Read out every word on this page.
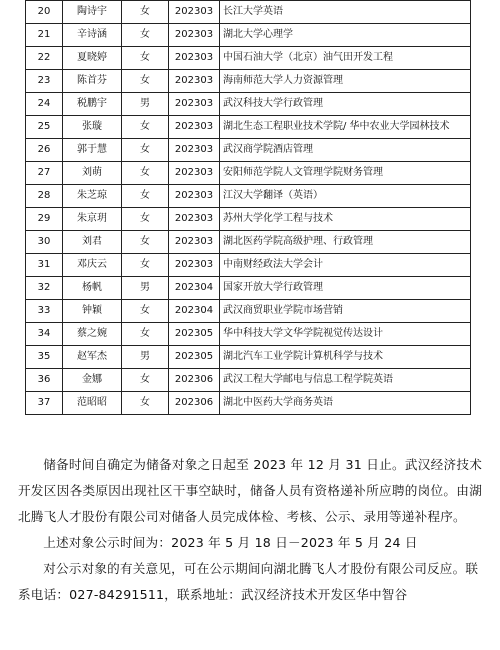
20	陶诗宇	女	202303	长江大学英语
21	辛诗涵	女	202303	湖北大学心理学
22	夏晓婷	女	202303	中国石油大学（北京）油气田开发工程
23	陈首芬	女	202303	海南师范大学人力资源管理
24	税鹏宇	男	202303	武汉科技大学行政管理
25	张璇	女	202303	湖北生态工程职业技术学院/ 华中农业大学园林技术
26	郭于慧	女	202303	武汉商学院酒店管理
27	刘萌	女	202303	安阳师范学院人文管理学院财务管理
28	朱芝琼	女	202303	江汉大学翻译（英语）
29	朱京玥	女	202303	苏州大学化学工程与技术
30	刘君	女	202303	湖北医药学院高级护理、行政管理
31	邓庆云	女	202303	中南财经政法大学会计
32	杨帆	男	202304	国家开放大学行政管理
33	钟颖	女	202304	武汉商贸职业学院市场营销
34	蔡之婉	女	202305	华中科技大学文华学院视觉传达设计
35	赵军杰	男	202305	湖北汽车工业学院计算机科学与技术
36	金娜	女	202306	武汉工程大学邮电与信息工程学院英语
37	范昭昭	女	202306	湖北中医药大学商务英语

储备时间自确定为储备对象之日起至 2023 年 12 月 31 日止。武汉经济技术开发区因各类原因出现社区干事空缺时，储备人员有资格递补所应聘的岗位。由湖北腾飞人才股份有限公司对储备人员完成体检、考核、公示、录用等递补程序。

上述对象公示时间为：2023 年 5 月 18 日－2023 年 5 月 24 日

对公示对象的有关意见，可在公示期间向湖北腾飞人才股份有限公司反应。联系电话：027-84291511，联系地址：武汉经济技术开发区华中智谷
